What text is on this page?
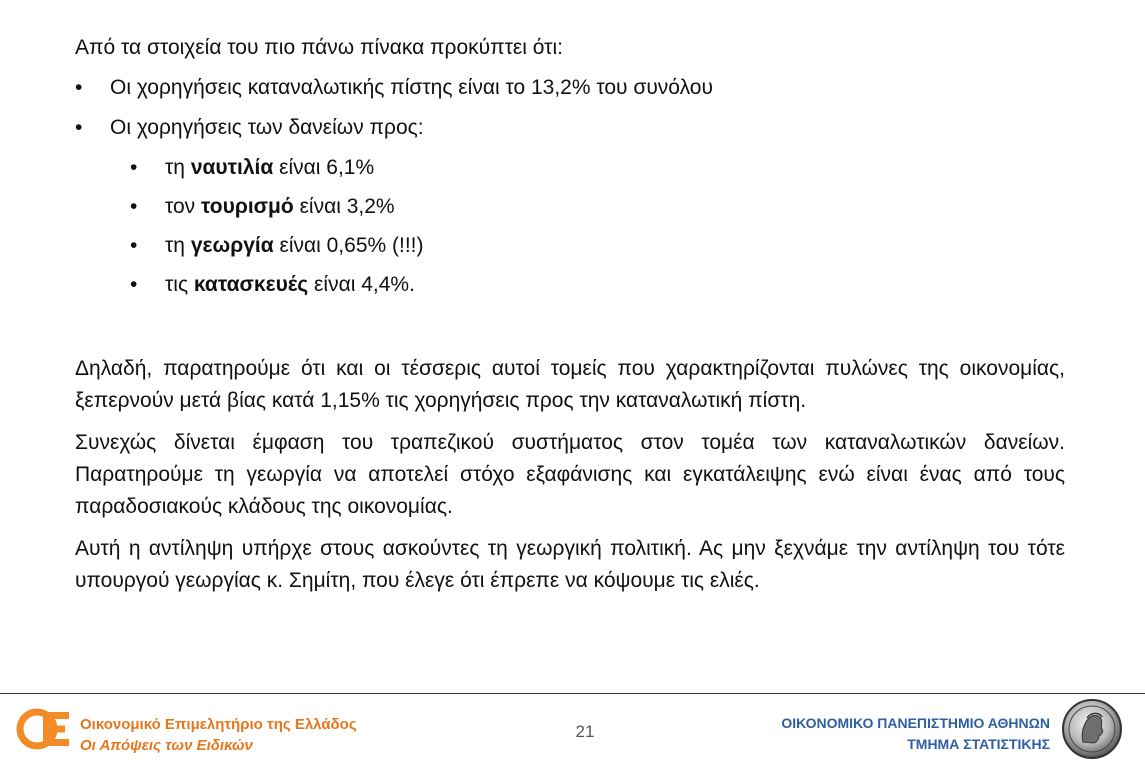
Από τα στοιχεία του πιο πάνω πίνακα προκύπτει ότι:
• Οι χορηγήσεις καταναλωτικής πίστης είναι το 13,2% του συνόλου
• Οι χορηγήσεις των δανείων προς:
• τη ναυτιλία είναι 6,1%
• τον τουρισμό είναι 3,2%
• τη γεωργία είναι 0,65% (!!!)
• τις κατασκευές είναι 4,4%.

Δηλαδή, παρατηρούμε ότι και οι τέσσερις αυτοί τομείς που χαρακτηρίζονται πυλώνες της οικονομίας, ξεπερνούν μετά βίας κατά 1,15% τις χορηγήσεις προς την καταναλωτική πίστη.

Συνεχώς δίνεται έμφαση του τραπεζικού συστήματος στον τομέα των καταναλωτικών δανείων. Παρατηρούμε τη γεωργία να αποτελεί στόχο εξαφάνισης και εγκατάλειψης ενώ είναι ένας από τους παραδοσιακούς κλάδους της οικονομίας.

Αυτή η αντίληψη υπήρχε στους ασκούντες τη γεωργική πολιτική. Ας μην ξεχνάμε την αντίληψη του τότε υπουργού γεωργίας κ. Σημίτη, που έλεγε ότι έπρεπε να κόψουμε τις ελιές.

Οικονομικό Επιμελητήριο της Ελλάδος
Οι Απόψεις των Ειδικών
21	ΟΙΚΟΝΟΜΙΚΟ ΠΑΝΕΠΙΣΤΗΜΙΟ ΑΘΗΝΩΝ
ΤΜΗΜΑ ΣΤΑΤΙΣΤΙΚΗΣ
